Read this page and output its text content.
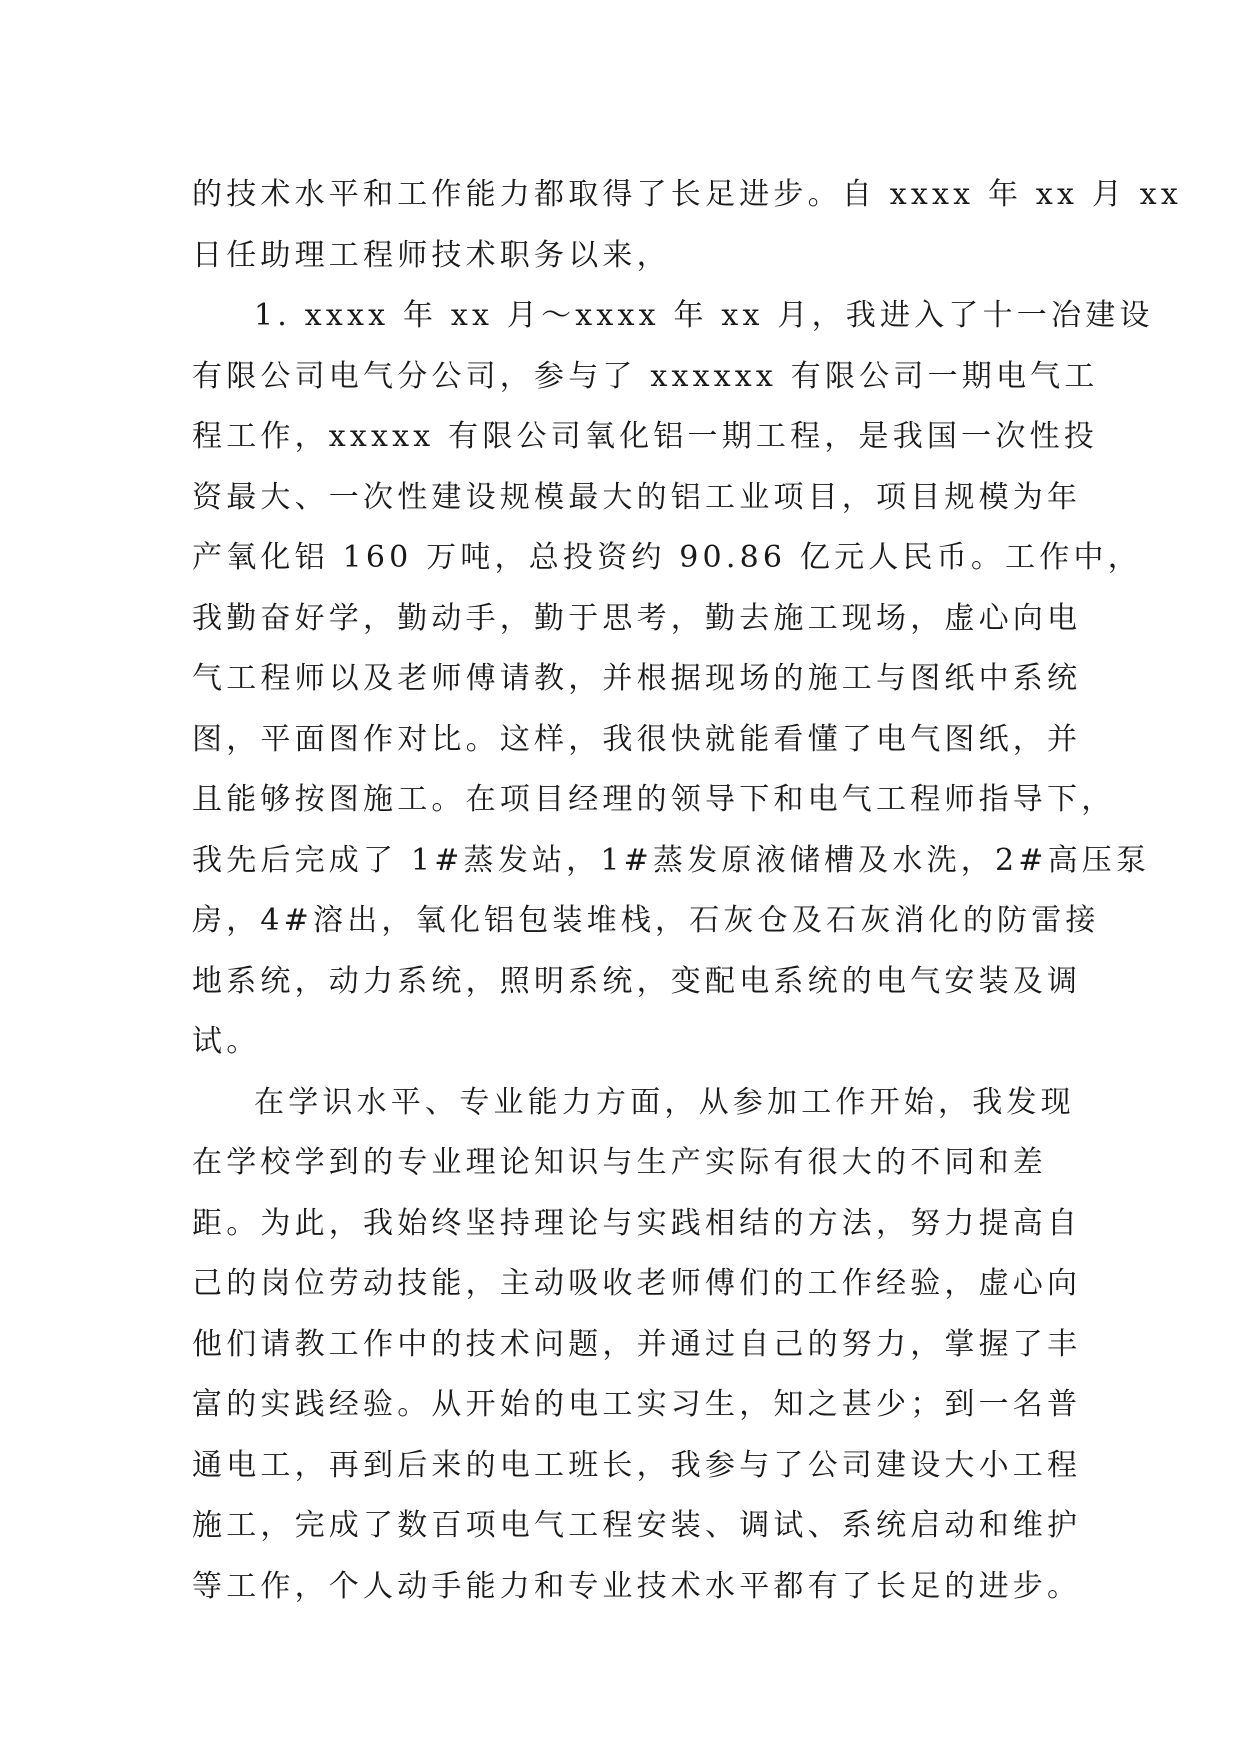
的技术水平和工作能力都取得了长足进步。自 xxxx 年 xx 月 xx
日任助理工程师技术职务以来，
1. xxxx 年 xx 月～xxxx 年 xx 月，我进入了十一冶建设
有限公司电气分公司，参与了 xxxxxx 有限公司一期电气工
程工作，xxxxx 有限公司氧化铝一期工程，是我国一次性投
资最大、一次性建设规模最大的铝工业项目，项目规模为年
产氧化铝 160 万吨，总投资约 90.86 亿元人民币。工作中，
我勤奋好学，勤动手，勤于思考，勤去施工现场，虚心向电
气工程师以及老师傅请教，并根据现场的施工与图纸中系统
图，平面图作对比。这样，我很快就能看懂了电气图纸，并
且能够按图施工。在项目经理的领导下和电气工程师指导下，
我先后完成了 1#蒸发站，1#蒸发原液储槽及水洗，2#高压泵
房，4#溶出，氧化铝包装堆栈，石灰仓及石灰消化的防雷接
地系统，动力系统，照明系统，变配电系统的电气安装及调
试。
在学识水平、专业能力方面，从参加工作开始，我发现
在学校学到的专业理论知识与生产实际有很大的不同和差
距。为此，我始终坚持理论与实践相结的方法，努力提高自
己的岗位劳动技能，主动吸收老师傅们的工作经验，虚心向
他们请教工作中的技术问题，并通过自己的努力，掌握了丰
富的实践经验。从开始的电工实习生，知之甚少；到一名普
通电工，再到后来的电工班长，我参与了公司建设大小工程
施工，完成了数百项电气工程安装、调试、系统启动和维护
等工作，个人动手能力和专业技术水平都有了长足的进步。
